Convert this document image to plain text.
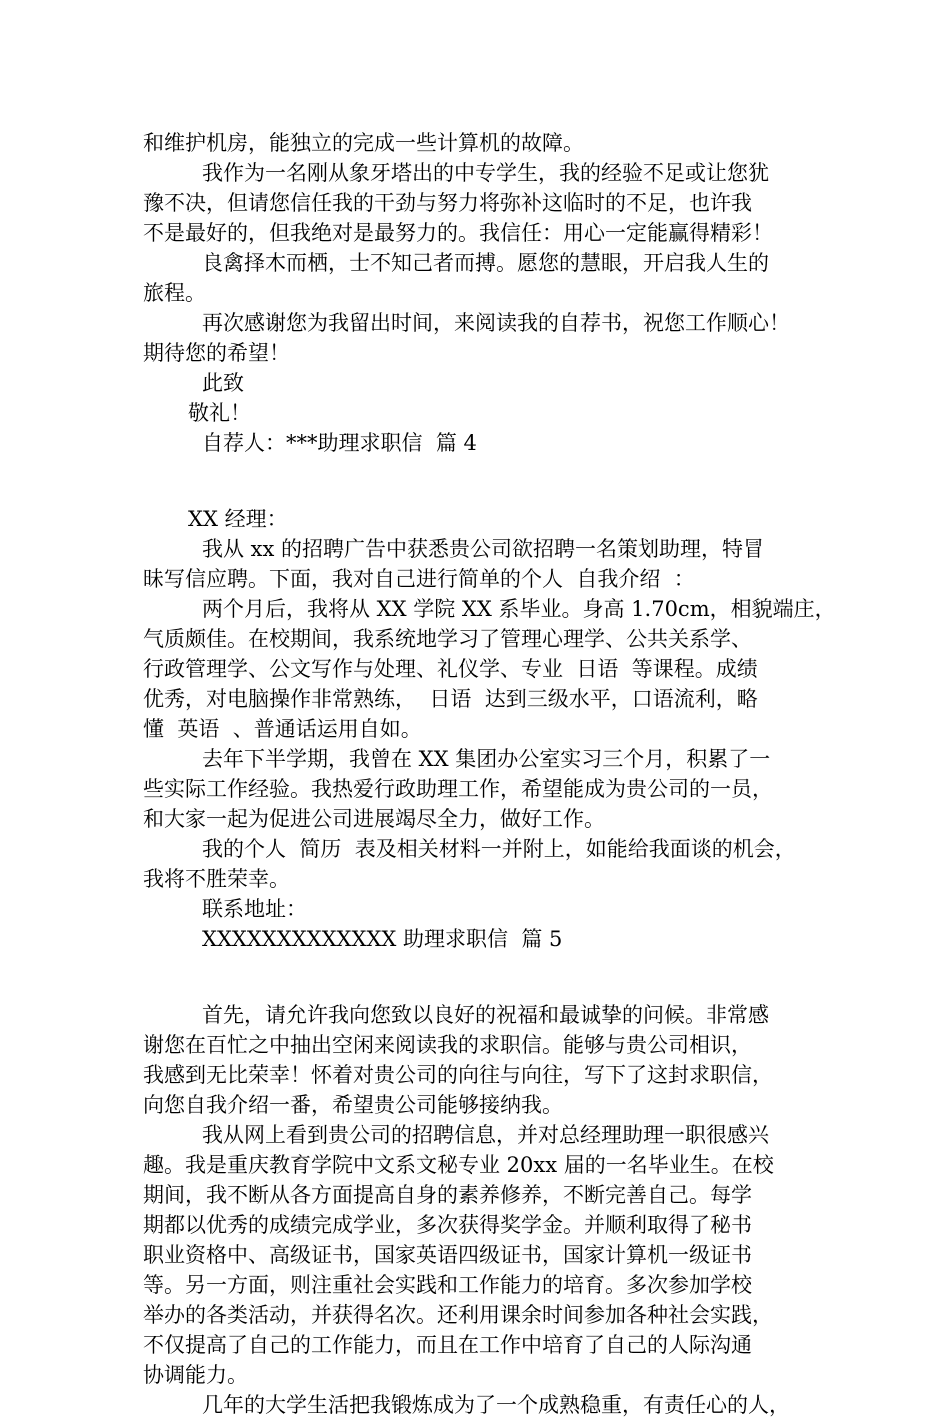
和维护机房，能独立的完成一些计算机的故障。

我作为一名刚从象牙塔出的中专学生，我的经验不足或让您犹

豫不决，但请您信任我的干劲与努力将弥补这临时的不足，也许我

不是最好的，但我绝对是最努力的。我信任：用心一定能赢得精彩！

良禽择木而栖，士不知己者而搏。愿您的慧眼，开启我人生的

旅程。

再次感谢您为我留出时间，来阅读我的自荐书，祝您工作顺心！

期待您的希望！

此致

敬礼！

自荐人：***助理求职信  篇 4

XX 经理：

我从 xx 的招聘广告中获悉贵公司欲招聘一名策划助理，特冒

昧写信应聘。下面，我对自己进行简单的个人  自我介绍  ：

两个月后，我将从 XX 学院 XX 系毕业。身高 1.70cm，相貌端庄，

气质颇佳。在校期间，我系统地学习了管理心理学、公共关系学、

行政管理学、公文写作与处理、礼仪学、专业  日语  等课程。成绩

优秀，对电脑操作非常熟练，  日语  达到三级水平，口语流利，略

懂  英语  、普通话运用自如。

去年下半学期，我曾在 XX 集团办公室实习三个月，积累了一

些实际工作经验。我热爱行政助理工作，希望能成为贵公司的一员，

和大家一起为促进公司进展竭尽全力，做好工作。

我的个人  简历  表及相关材料一并附上，如能给我面谈的机会，

我将不胜荣幸。

联系地址：

XXXXXXXXXXXXX 助理求职信  篇 5

首先，请允许我向您致以良好的祝福和最诚挚的问候。非常感

谢您在百忙之中抽出空闲来阅读我的求职信。能够与贵公司相识，

我感到无比荣幸！怀着对贵公司的向往与向往，写下了这封求职信，

向您自我介绍一番，希望贵公司能够接纳我。

我从网上看到贵公司的招聘信息，并对总经理助理一职很感兴

趣。我是重庆教育学院中文系文秘专业 20xx 届的一名毕业生。在校

期间，我不断从各方面提高自身的素养修养，不断完善自己。每学

期都以优秀的成绩完成学业，多次获得奖学金。并顺利取得了秘书

职业资格中、高级证书，国家英语四级证书，国家计算机一级证书

等。另一方面，则注重社会实践和工作能力的培育。多次参加学校

举办的各类活动，并获得名次。还利用课余时间参加各种社会实践，

不仅提高了自己的工作能力，而且在工作中培育了自己的人际沟通

协调能力。

几年的大学生活把我锻炼成为了一个成熟稳重，有责任心的人，
